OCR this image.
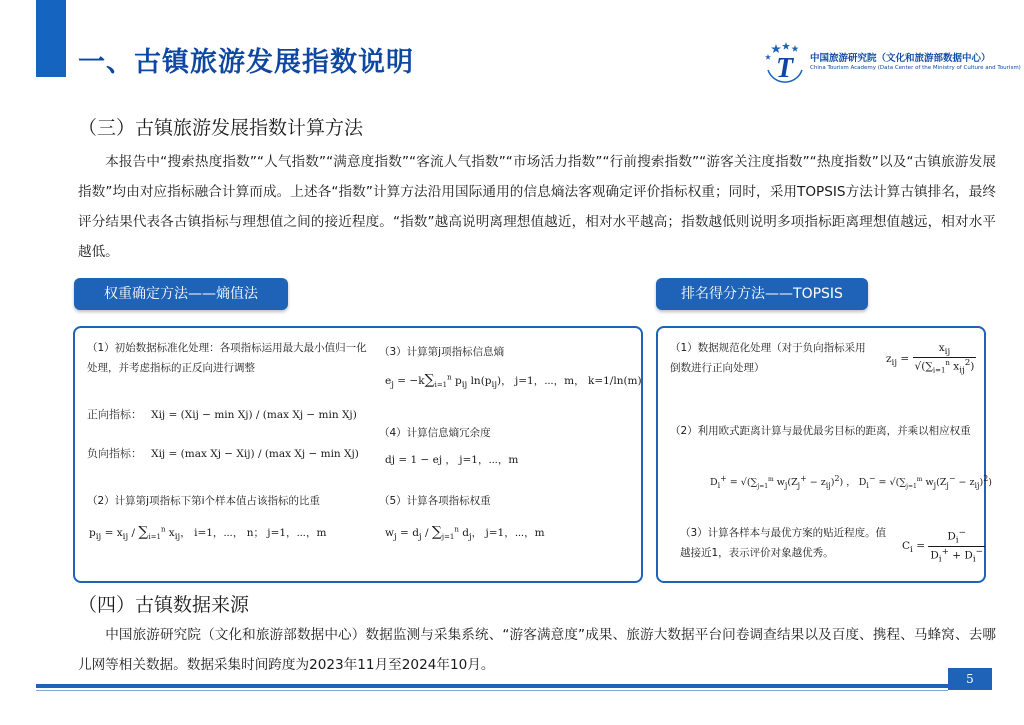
一、古镇旅游发展指数说明	T 中国旅游研究院（文化和旅游部数据中心）
China Tourism Academy (Data Center of the Ministry of Culture and Tourism)
（三）古镇旅游发展指数计算方法
本报告中“搜索热度指数”“人气指数”“满意度指数”“客流人气指数”“市场活力指数”“行前搜索指数”“游客关注度指数”“热度指数”以及“古镇旅游发展指数”均由对应指标融合计算而成。上述各“指数”计算方法沿用国际通用的信息熵法客观确定评价指标权重；同时，采用TOPSIS方法计算古镇排名，最终评分结果代表各古镇指标与理想值之间的接近程度。“指数”越高说明离理想值越近，相对水平越高；指数越低则说明多项指标距离理想值越远，相对水平越低。
权重确定方法——熵值法	排名得分方法——TOPSIS
（1）初始数据标准化处理：各项指标运用最大最小值归一化处理，并考虑指标的正反向进行调整
正向指标： Xij = (Xij − min Xj) / (max Xj − min Xj)
负向指标： Xij = (max Xj − Xij) / (max Xj − min Xj)
（2）计算第j项指标下第i个样本值占该指标的比重
$p_{ij} = x_{ij} / \sum_{i=1}^n$ $x_{ij}$， i=1，⋯， n； j=1，⋯，m
（3）计算第j项指标信息熵
$e_j = -k\sum_{i=1}^n$ $p_{ij}$ $\ln(p_{ij})$， j=1，⋯，m， k=1/ln(m)
（4）计算信息熵冗余度
dj = 1 − ej ， j=1，⋯，m
（5）计算各项指标权重
$w_j = d_j / \sum_{j=1}^n$ $d_j$， j=1，⋯，m
（1）数据规范化处理（对于负向指标采用倒数进行正向处理）
$z_{ij} = \frac{x_{ij}}{√(\sum_{i=1}^n x_{ij}^2)}$
（2）利用欧式距离计算与最优最劣目标的距离，并乘以相应权重
$D_i^+ = √(\sum_{j=1}^m$ $w_j(Z_j^+ - z_{ij})^2$) ， $D_i^- = √(\sum_{j=1}^m$ $w_j(Z_j^- - z_{ij})^2$)
（3）计算各样本与最优方案的贴近程度。值越接近1，表示评价对象越优秀。
$C_i = \frac{D_i^-}{D_i^+ + D_i^-}$
（四）古镇数据来源
中国旅游研究院（文化和旅游部数据中心）数据监测与采集系统、“游客满意度”成果、旅游大数据平台问卷调查结果以及百度、携程、马蜂窝、去哪儿网等相关数据。数据采集时间跨度为2023年11月至2024年10月。
5
